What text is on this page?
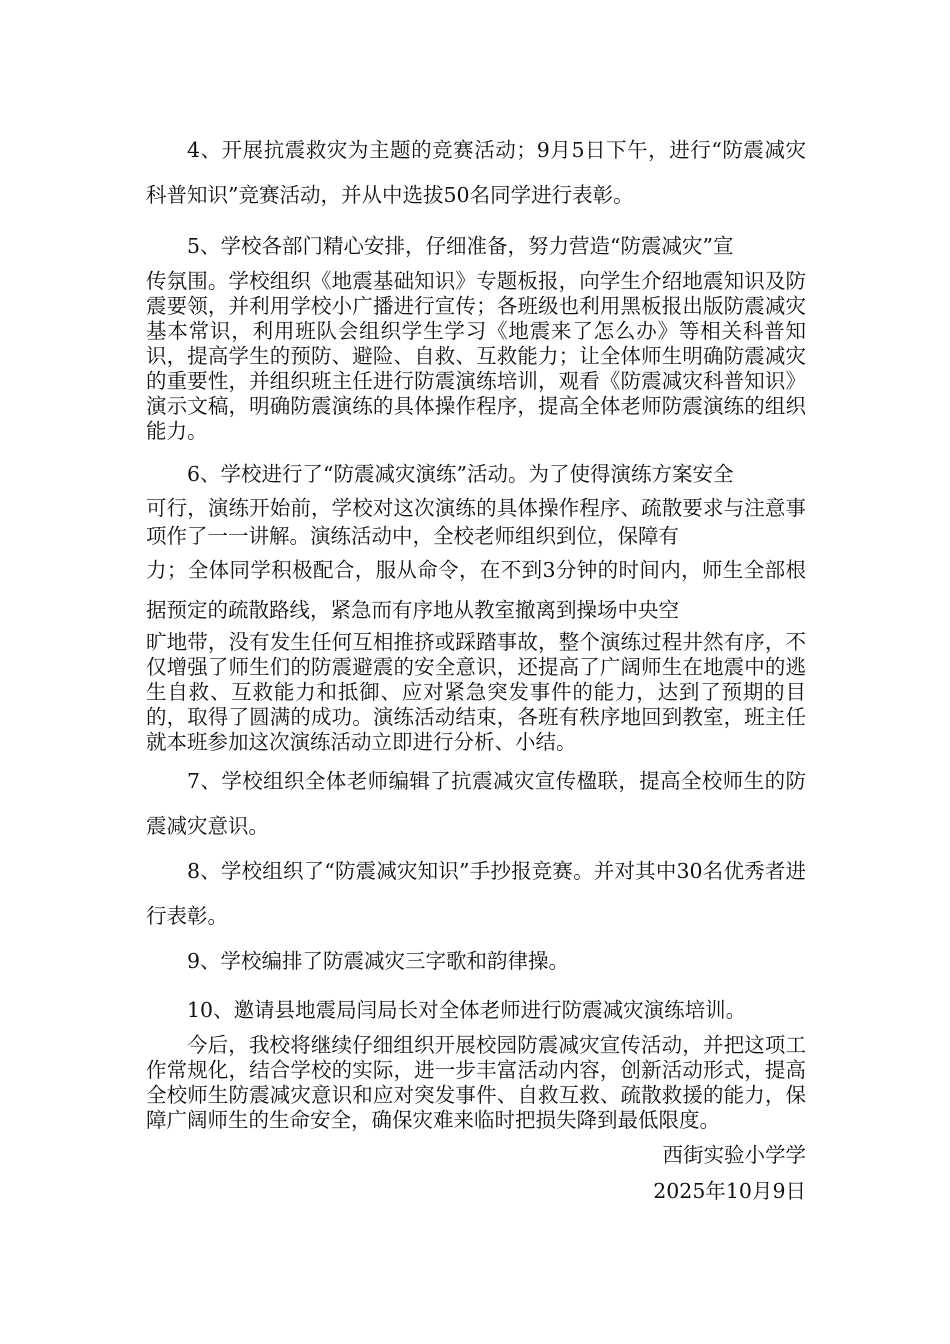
4、开展抗震救灾为主题的竞赛活动；9月5日下午，进行“防震减灾科普知识”竞赛活动，并从中选拔50名同学进行表彰。

5、学校各部门精心安排，仔细准备，努力营造“防震减灾”宣
传氛围。学校组织《地震基础知识》专题板报，向学生介绍地震知识及防震要领，并利用学校小广播进行宣传；各班级也利用黑板报出版防震减灾基本常识，利用班队会组织学生学习《地震来了怎么办》等相关科普知识，提高学生的预防、避险、自救、互救能力；让全体师生明确防震减灾的重要性，并组织班主任进行防震演练培训，观看《防震减灾科普知识》演示文稿，明确防震演练的具体操作程序，提高全体老师防震演练的组织能力。

6、学校进行了“防震减灾演练”活动。为了使得演练方案安全
可行，演练开始前，学校对这次演练的具体操作程序、疏散要求与注意事项作了一一讲解。演练活动中，全校老师组织到位，保障有
力；全体同学积极配合，服从命令，在不到3分钟的时间内，师生全部根据预定的疏散路线，紧急而有序地从教室撤离到操场中央空
旷地带，没有发生任何互相推挤或踩踏事故，整个演练过程井然有序，不仅增强了师生们的防震避震的安全意识，还提高了广阔师生在地震中的逃生自救、互救能力和抵御、应对紧急突发事件的能力，达到了预期的目的，取得了圆满的成功。演练活动结束，各班有秩序地回到教室，班主任就本班参加这次演练活动立即进行分析、小结。

7、学校组织全体老师编辑了抗震减灾宣传楹联，提高全校师生的防震减灾意识。

8、学校组织了“防震减灾知识”手抄报竞赛。并对其中30名优秀者进行表彰。

9、学校编排了防震减灾三字歌和韵律操。

10、邀请县地震局闫局长对全体老师进行防震减灾演练培训。

今后，我校将继续仔细组织开展校园防震减灾宣传活动，并把这项工作常规化，结合学校的实际，进一步丰富活动内容，创新活动形式，提高全校师生防震减灾意识和应对突发事件、自救互救、疏散救援的能力，保障广阔师生的生命安全，确保灾难来临时把损失降到最低限度。

西街实验小学学

2025年10月9日
